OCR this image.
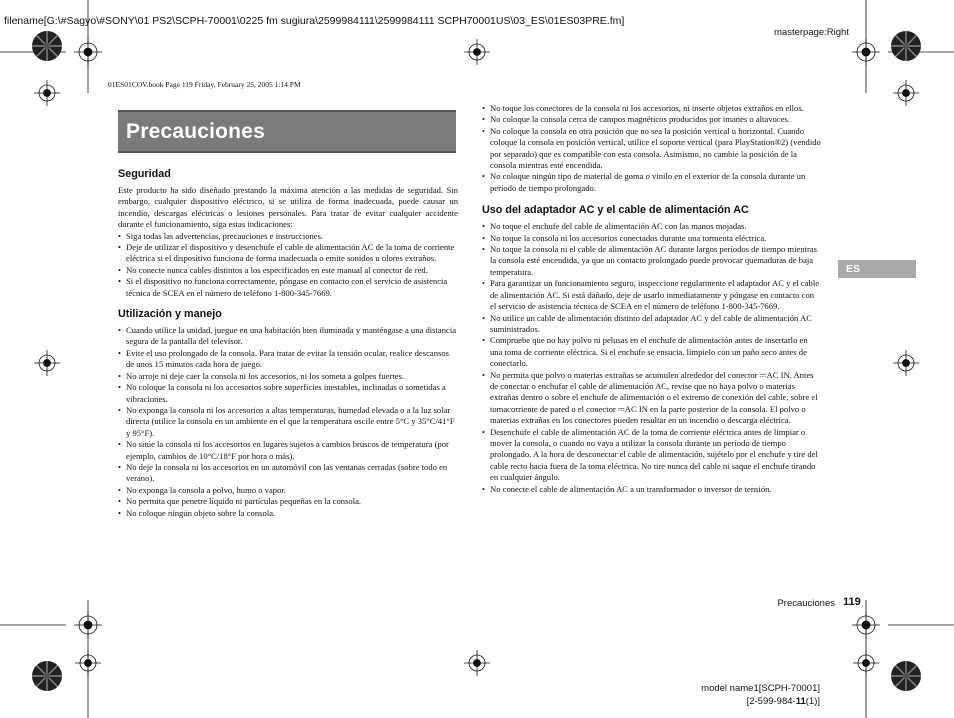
filename[G:\#Sagyo\#SONY\01 PS2\SCPH-70001\0225 fm sugiura\2599984111\2599984111 SCPH70001US\03_ES\01ES03PRE.fm]
masterpage:Right
01ES01COV.book Page 119 Friday, February 25, 2005 1:14 PM
Precauciones
Seguridad

Este producto ha sido diseñado prestando la máxima atención a las medidas de seguridad. Sin embargo, cualquier dispositivo eléctrico, si se utiliza de forma inadecuada, puede causar un incendio, descargas eléctricas o lesiones personales. Para tratar de evitar cualquier accidente durante el funcionamiento, siga estas indicaciones:

• Siga todas las advertencias, precauciones e instrucciones.
• Deje de utilizar el dispositivo y desenchufe el cable de alimentación AC de la toma de corriente eléctrica si el dispositivo funciona de forma inadecuada o emite sonidos u olores extraños.
• No conecte nunca cables distintos a los especificados en este manual al conector de red.
• Si el dispositivo no funciona correctamente, póngase en contacto con el servicio de asistencia técnica de SCEA en el número de teléfono 1-800-345-7669.
Utilización y manejo
• Cuando utilice la unidad, juegue en una habitación bien iluminada y manténgase a una distancia segura de la pantalla del televisor.
• Evite el uso prolongado de la consola. Para tratar de evitar la tensión ocular, realice descansos de unos 15 minutos cada hora de juego.
• No arroje ni deje caer la consola ni los accesorios, ni los someta a golpes fuertes.
• No coloque la consola ni los accesorios sobre superficies inestables, inclinadas o sometidas a vibraciones.
• No exponga la consola ni los accesorios a altas temperaturas, humedad elevada o a la luz solar directa (utilice la consola en un ambiente en el que la temperatura oscile entre 5°C y 35°C/41°F y 95°F).
• No sitúe la consola ni los accesorios en lugares sujetos a cambios bruscos de temperatura (por ejemplo, cambios de 10°C/18°F por hora o más).
• No deje la consola ni los accesorios en un automóvil con las ventanas cerradas (sobre todo en verano).
• No exponga la consola a polvo, humo o vapor.
• No permita que penetre líquido ni partículas pequeñas en la consola.
• No coloque ningún objeto sobre la consola.
• No toque los conectores de la consola ni los accesorios, ni inserte objetos extraños en ellos.
• No coloque la consola cerca de campos magnéticos producidos por imanes o altavoces.
• No coloque la consola en otra posición que no sea la posición vertical u horizontal. Cuando coloque la consola en posición vertical, utilice el soporte vertical (para PlayStation®2) (vendido por separado) que es compatible con esta consola. Asimismo, no cambie la posición de la consola mientras esté encendida.
• No coloque ningún tipo de material de goma o vinilo en el exterior de la consola durante un período de tiempo prolongado.
Uso del adaptador AC y el cable de alimentación AC
• No toque el enchufe del cable de alimentación AC con las manos mojadas.
• No toque la consola ni los accesorios conectados durante una tormenta eléctrica.
• No toque la consola ni el cable de alimentación AC durante largos períodos de tiempo mientras la consola esté encendida, ya que un contacto prolongado puede provocar quemaduras de baja temperatura.
• Para garantizar un funcionamiento seguro, inspeccione regularmente el adaptador AC y el cable de alimentación AC. Si está dañado, deje de usarlo inmediatamente y póngase en contacto con el servicio de asistencia técnica de SCEA en el número de teléfono 1-800-345-7669.
• No utilice un cable de alimentación distinto del adaptador AC y del cable de alimentación AC suministrados.
• Compruebe que no hay polvo ni pelusas en el enchufe de alimentación antes de insertarlo en una toma de corriente eléctrica. Si el enchufe se ensucia, límpielo con un paño seco antes de conectarlo.
• No permita que polvo o materias extrañas se acumulen alrededor del conector ⎓AC IN. Antes de conectar o enchufar el cable de alimentación AC, revise que no haya polvo o materias extrañas dentro o sobre el enchufe de alimentación o el extremo de conexión del cable, sobre el tomacorriente de pared o el conector ⎓AC IN en la parte posterior de la consola. El polvo o materias extrañas en los conectores pueden resultar en un incendio o descarga eléctrica.
• Desenchufe el cable de alimentación AC de la toma de corriente eléctrica antes de limpiar o mover la consola, o cuando no vaya a utilizar la consola durante un período de tiempo prolongado. A la hora de desconectar el cable de alimentación, sujételo por el enchufe y tire del cable recto hacia fuera de la toma eléctrica. No tire nunca del cable ni saque el enchufe tirando en cualquier ángulo.
• No conecte el cable de alimentación AC a un transformador o inversor de tensión.
ES
Precauciones 119
model name1[SCPH-70001]
[2-599-984-11(1)]
